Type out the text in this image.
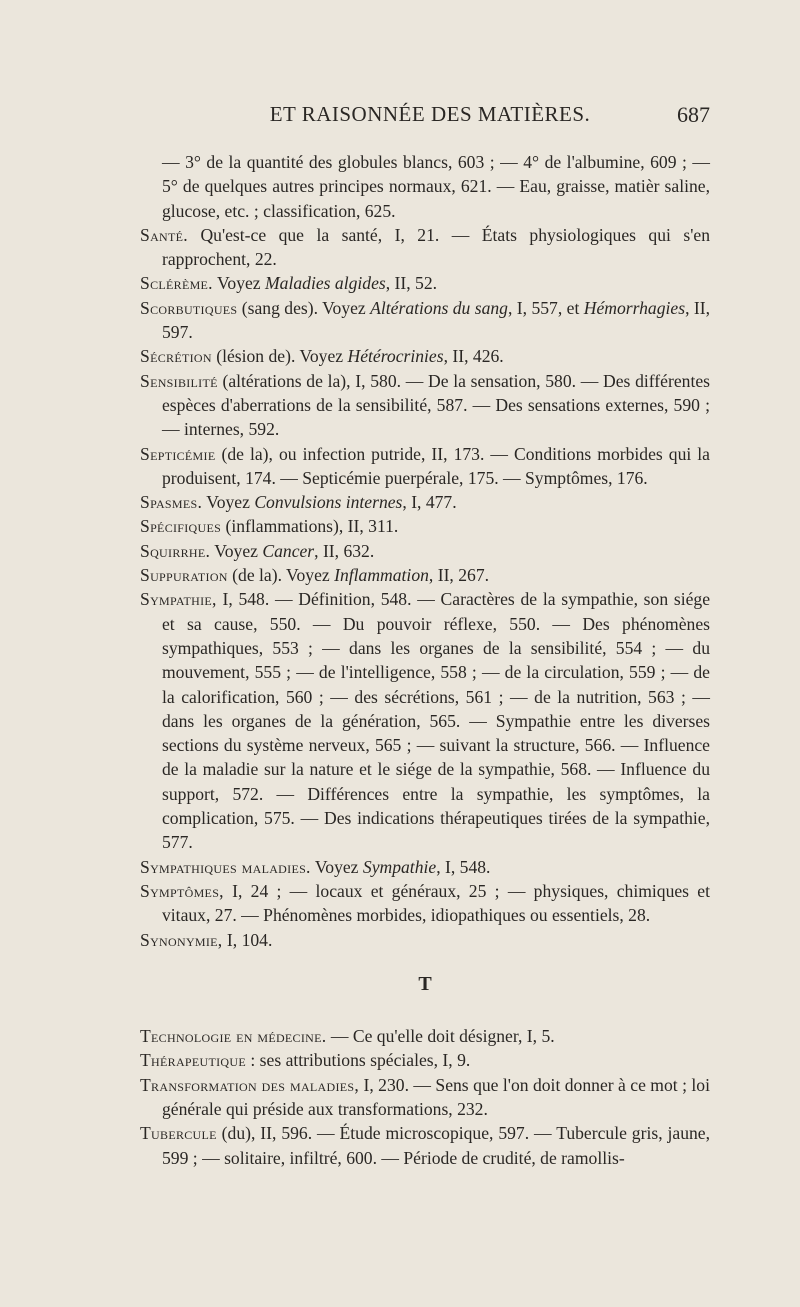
ET RAISONNÉE DES MATIÈRES.	687

— 3° de la quantité des globules blancs, 603 ; — 4° de l'albumine, 609 ; — 5° de quelques autres principes normaux, 621. — Eau, graisse, matièr saline, glucose, etc. ; classification, 625.

Santé. Qu'est-ce que la santé, I, 21. — États physiologiques qui s'en rapprochent, 22.

Sclérème. Voyez Maladies algides, II, 52.

Scorbutiques (sang des). Voyez Altérations du sang, I, 557, et Hémorrhagies, II, 597.

Sécrétion (lésion de). Voyez Hétérocrinies, II, 426.

Sensibilité (altérations de la), I, 580. — De la sensation, 580. — Des différentes espèces d'aberrations de la sensibilité, 587. — Des sensations externes, 590 ; — internes, 592.

Septicémie (de la), ou infection putride, II, 173. — Conditions morbides qui la produisent, 174. — Septicémie puerpérale, 175. — Symptômes, 176.

Spasmes. Voyez Convulsions internes, I, 477.

Spécifiques (inflammations), II, 311.

Squirrhe. Voyez Cancer, II, 632.

Suppuration (de la). Voyez Inflammation, II, 267.

Sympathie, I, 548. — Définition, 548. — Caractères de la sympathie, son siége et sa cause, 550. — Du pouvoir réflexe, 550. — Des phénomènes sympathiques, 553 ; — dans les organes de la sensibilité, 554 ; — du mouvement, 555 ; — de l'intelligence, 558 ; — de la circulation, 559 ; — de la calorification, 560 ; — des sécrétions, 561 ; — de la nutrition, 563 ; — dans les organes de la génération, 565. — Sympathie entre les diverses sections du système nerveux, 565 ; — suivant la structure, 566. — Influence de la maladie sur la nature et le siége de la sympathie, 568. — Influence du support, 572. — Différences entre la sympathie, les symptômes, la complication, 575. — Des indications thérapeutiques tirées de la sympathie, 577.

Sympathiques maladies. Voyez Sympathie, I, 548.

Symptômes, I, 24 ; — locaux et généraux, 25 ; — physiques, chimiques et vitaux, 27. — Phénomènes morbides, idiopathiques ou essentiels, 28.

Synonymie, I, 104.

T

Technologie en médecine. — Ce qu'elle doit désigner, I, 5.

Thérapeutique : ses attributions spéciales, I, 9.

Transformation des maladies, I, 230. — Sens que l'on doit donner à ce mot ; loi générale qui préside aux transformations, 232.

Tubercule (du), II, 596. — Étude microscopique, 597. — Tubercule gris, jaune, 599 ; — solitaire, infiltré, 600. — Période de crudité, de ramollis-
